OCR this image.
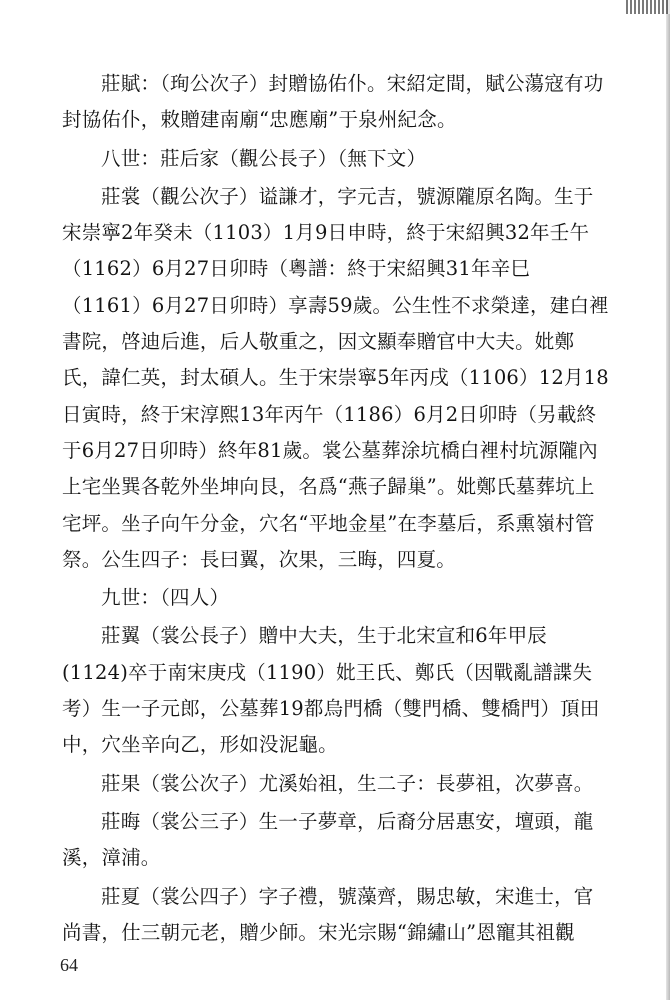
莊賦：（珣公次子）封贈協佑仆。宋紹定間，賦公蕩寇有功封協佑仆，敕贈建南廟“忠應廟”于泉州紀念。

八世：莊后家（觀公長子）（無下文）

莊裳（觀公次子）谥謙才，字元吉，號源隴原名陶。生于宋崇寧2年癸未（1103）1月9日申時，終于宋紹興32年壬午（1162）6月27日卯時（粵譜：終于宋紹興31年辛巳（1161）6月27日卯時）享壽59歲。公生性不求榮達，建白裡書院，啓迪后進，后人敬重之，因文顯奉贈官中大夫。妣鄭氏，諱仁英，封太碩人。生于宋崇寧5年丙戌（1106）12月18日寅時，終于宋淳熙13年丙午（1186）6月2日卯時（另載終于6月27日卯時）終年81歲。裳公墓葬涂坑橋白裡村坑源隴內上宅坐巽各乾外坐坤向艮，名爲“燕子歸巢”。妣鄭氏墓葬坑上宅坪。坐子向午分金，穴名“平地金星”在李墓后，系熏嶺村管祭。公生四子：長曰翼，次果，三晦，四夏。

九世：（四人）

莊翼（裳公長子）贈中大夫，生于北宋宣和6年甲辰(1124)卒于南宋庚戌（1190）妣王氏、鄭氏（因戰亂譜諜失考）生一子元郎，公墓葬19都烏門橋（雙門橋、雙橋門）頂田中，穴坐辛向乙，形如没泥龜。

莊果（裳公次子）尤溪始祖，生二子：長夢祖，次夢喜。

莊晦（裳公三子）生一子夢章，后裔分居惠安，壇頭，龍溪，漳浦。

莊夏（裳公四子）字子禮，號藻齊，賜忠敏，宋進士，官尚書，仕三朝元老，贈少師。宋光宗賜“錦繡山”恩寵其祖觀

64
